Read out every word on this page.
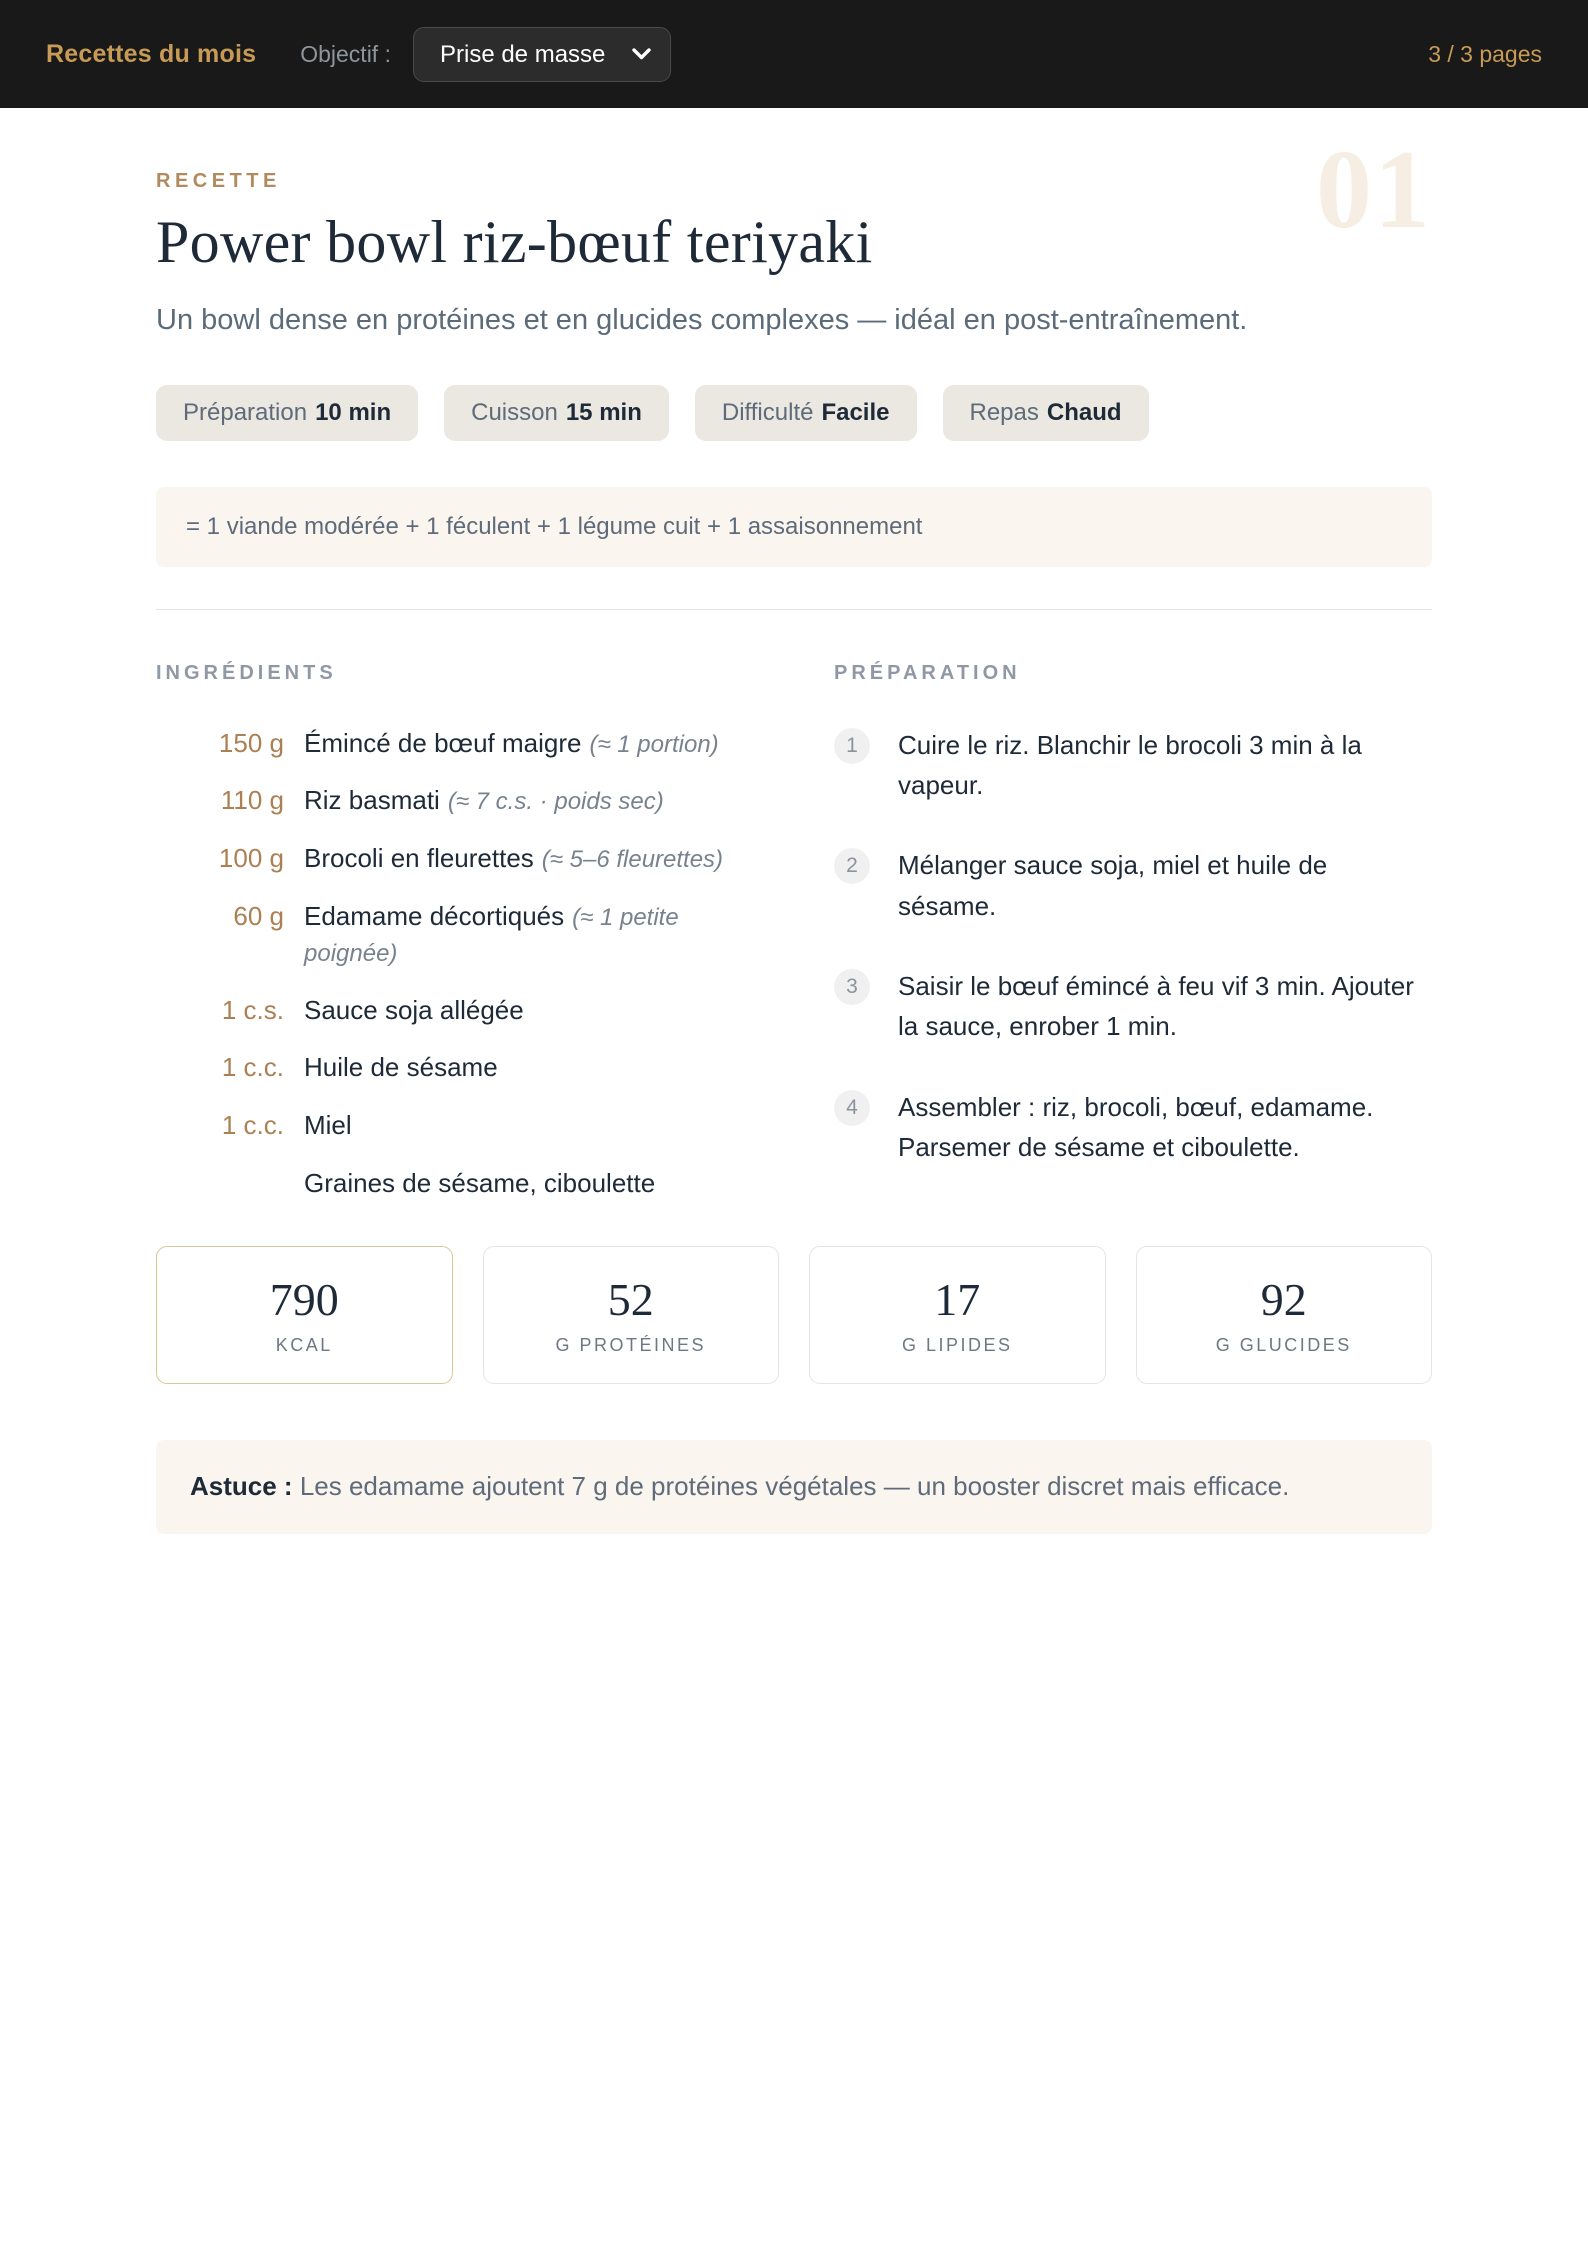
Recettes du mois Objectif :
Prise de masse	3 / 3 pages
01
RECETTE
Power bowl riz-bœuf teriyaki

Un bowl dense en protéines et en glucides complexes — idéal en post-entraînement.

Préparation 10 min	Cuisson 15 min	Difficulté Facile	Repas Chaud
= 1 viande modérée + 1 féculent + 1 légume cuit + 1 assaisonnement
INGRÉDIENTS
150 g Émincé de bœuf maigre (≈ 1 portion)
110 g Riz basmati (≈ 7 c.s. · poids sec)
100 g Brocoli en fleurettes (≈ 5–6 fleurettes)
60 g Edamame décortiqués (≈ 1 petite poignée)
1 c.s. Sauce soja allégée
1 c.c. Huile de sésame
1 c.c. Miel
Graines de sésame, ciboulette
PRÉPARATION
1	Cuire le riz. Blanchir le brocoli 3 min à la vapeur.

2	Mélanger sauce soja, miel et huile de sésame.

3	Saisir le bœuf émincé à feu vif 3 min. Ajouter la sauce, enrober 1 min.

4	Assembler : riz, brocoli, bœuf, edamame. Parsemer de sésame et ciboulette.

790
KCAL
52
G PROTÉINES
17
G LIPIDES
92
G GLUCIDES
Astuce : Les edamame ajoutent 7 g de protéines végétales — un booster discret mais efficace.
